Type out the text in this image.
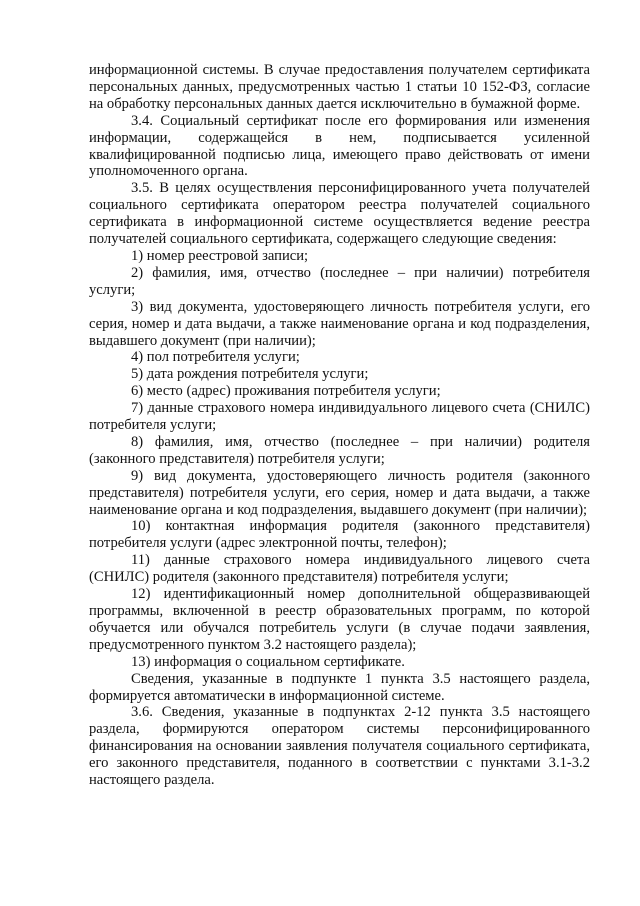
информационной системы. В случае предоставления получателем сертификата персональных данных, предусмотренных частью 1 статьи 10 152-ФЗ, согласие на обработку персональных данных дается исключительно в бумажной форме.

3.4. Социальный сертификат после его формирования или изменения информации, содержащейся в нем, подписывается усиленной квалифицированной подписью лица, имеющего право действовать от имени уполномоченного органа.

3.5. В целях осуществления персонифицированного учета получателей социального сертификата оператором реестра получателей социального сертификата в информационной системе осуществляется ведение реестра получателей социального сертификата, содержащего следующие сведения:

1) номер реестровой записи;

2) фамилия, имя, отчество (последнее – при наличии) потребителя услуги;

3) вид документа, удостоверяющего личность потребителя услуги, его серия, номер и дата выдачи, а также наименование органа и код подразделения, выдавшего документ (при наличии);

4) пол потребителя услуги;

5) дата рождения потребителя услуги;

6) место (адрес) проживания потребителя услуги;

7) данные страхового номера индивидуального лицевого счета (СНИЛС) потребителя услуги;

8) фамилия, имя, отчество (последнее – при наличии) родителя (законного представителя) потребителя услуги;

9) вид документа, удостоверяющего личность родителя (законного представителя) потребителя услуги, его серия, номер и дата выдачи, а также наименование органа и код подразделения, выдавшего документ (при наличии);

10) контактная информация родителя (законного представителя) потребителя услуги (адрес электронной почты, телефон);

11) данные страхового номера индивидуального лицевого счета (СНИЛС) родителя (законного представителя) потребителя услуги;

12) идентификационный номер дополнительной общеразвивающей программы, включенной в реестр образовательных программ, по которой обучается или обучался потребитель услуги (в случае подачи заявления, предусмотренного пунктом 3.2 настоящего раздела);

13) информация о социальном сертификате.

Сведения, указанные в подпункте 1 пункта 3.5 настоящего раздела, формируется автоматически в информационной системе.

3.6. Сведения, указанные в подпунктах 2-12 пункта 3.5 настоящего раздела, формируются оператором системы персонифицированного финансирования на основании заявления получателя социального сертификата, его законного представителя, поданного в соответствии с пунктами 3.1-3.2 настоящего раздела.
